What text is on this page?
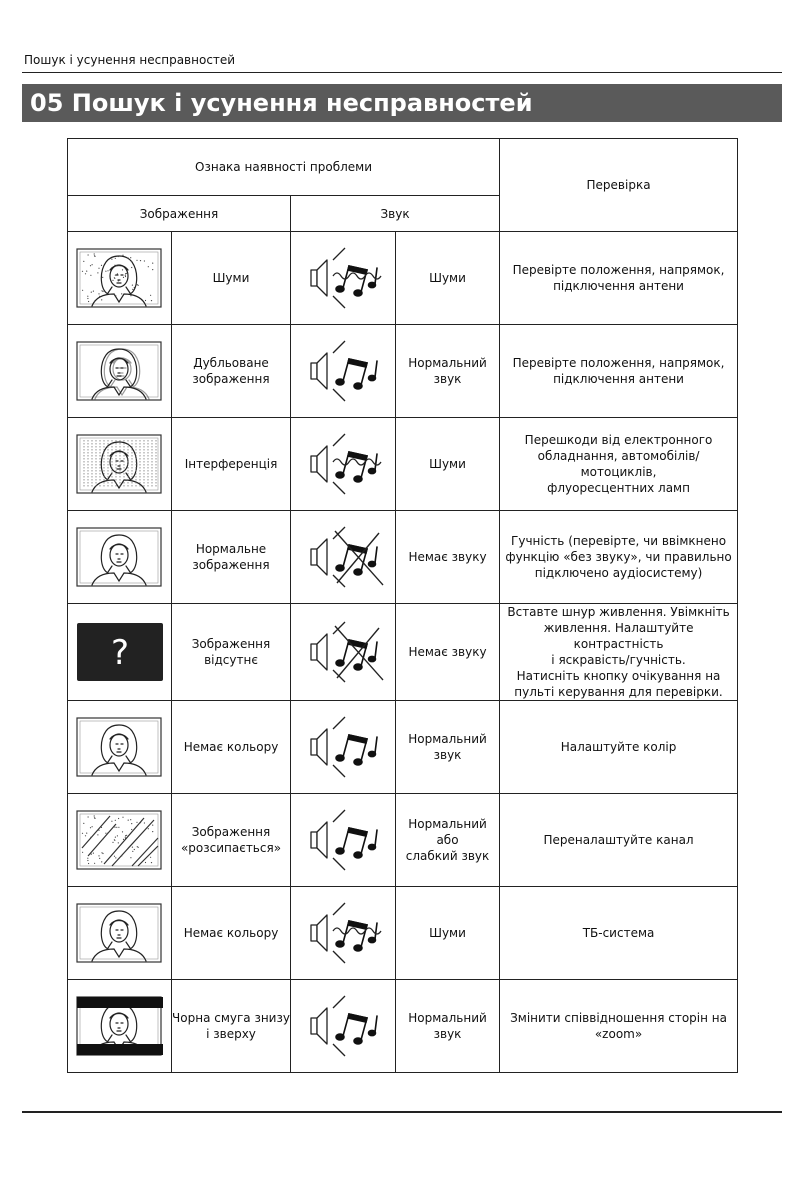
Пошук і усунення несправностей
05 Пошук і усунення несправностей
Ознака наявності проблеми				Перевірка
Зображення		Звук		

Шуми		Шуми	Перевірте положення, напрямок,
підключення антени

Дубльоване
зображення		Нормальний
звук	Перевірте положення, напрямок,
підключення антени

Інтерференція		Шуми	Перешкоди від електронного
обладнання, автомобілів/мотоциклів,
флуоресцентних ламп

Нормальне
зображення		Немає звуку	Гучність (перевірте, чи ввімкнено
функцію «без звуку», чи правильно
підключено аудіосистему)

?	Зображення
відсутнє		Немає звуку	Вставте шнур живлення. Увімкніть
живлення. Налаштуйте контрастність
і яскравість/гучність.
Натисніть кнопку очікування на
пульті керування для перевірки.

Немає кольору		Нормальний
звук	Налаштуйте колір

Зображення
«розсипається»		Нормальний або
слабкий звук	Переналаштуйте канал

Немає кольору		Шуми	ТБ-система

Чорна смуга знизу
і зверху		Нормальний
звук	Змінити співвідношення сторін на
«zoom»
